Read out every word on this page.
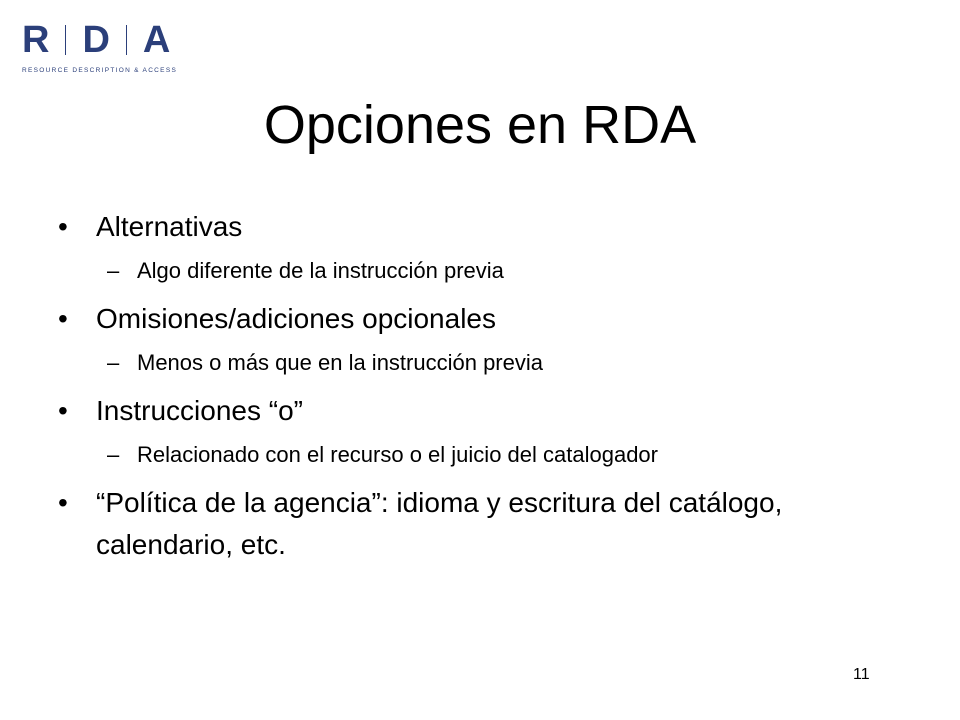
R D A
RESOURCE DESCRIPTION & ACCESS
Opciones en RDA
• Alternativas
– Algo diferente de la instrucción previa
• Omisiones/adiciones opcionales
– Menos o más que en la instrucción previa
• Instrucciones “o”
– Relacionado con el recurso o el juicio del catalogador
• “Política de la agencia”: idioma y escritura del catálogo, calendario, etc.
11
